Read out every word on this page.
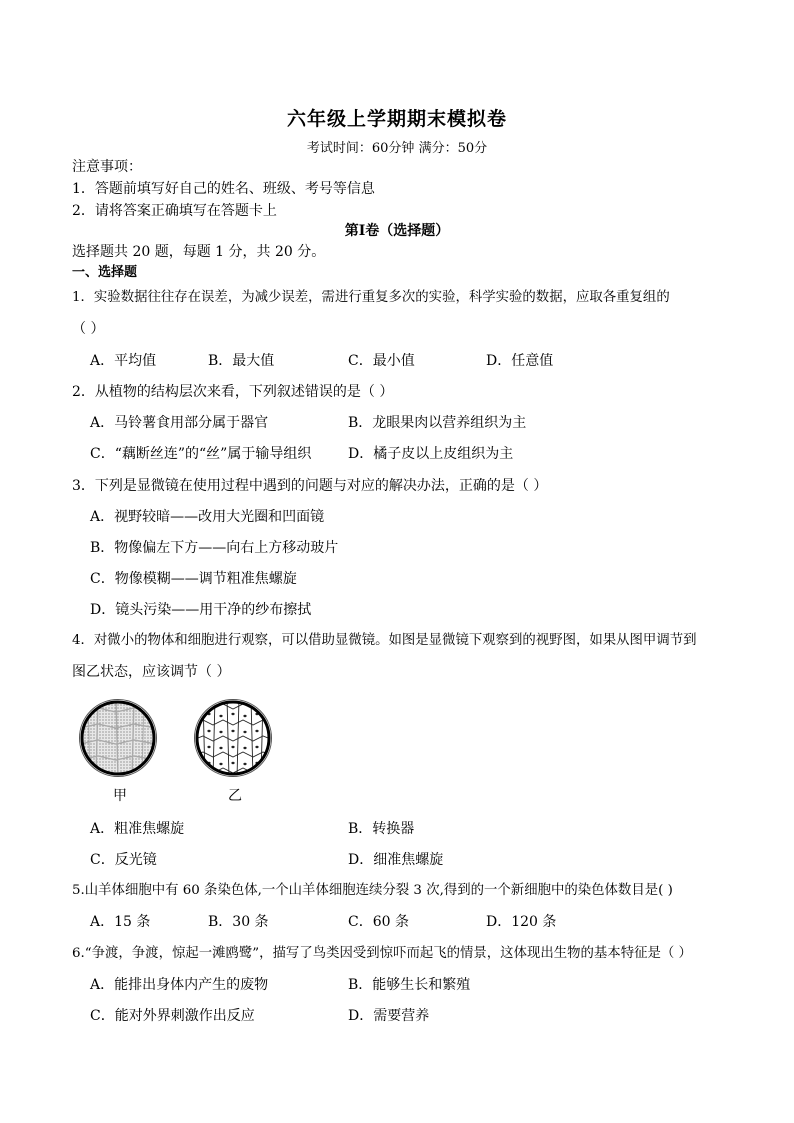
六年级上学期期末模拟卷
考试时间：60分钟 满分：50分
注意事项：
1．答题前填写好自己的姓名、班级、考号等信息
2．请将答案正确填写在答题卡上
第Ⅰ卷（选择题）
选择题共 20 题，每题 1 分，共 20 分。
一、选择题
1．实验数据往往存在误差，为减少误差，需进行重复多次的实验，科学实验的数据，应取各重复组的
（ ）
A．平均值	B．最大值	C．最小值	D．任意值
2．从植物的结构层次来看，下列叙述错误的是（ ）
A．马铃薯食用部分属于器官	B．龙眼果肉以营养组织为主
C．“藕断丝连”的“丝”属于输导组织	D．橘子皮以上皮组织为主
3．下列是显微镜在使用过程中遇到的问题与对应的解决办法，正确的是（ ）
A．视野较暗——改用大光圈和凹面镜
B．物像偏左下方——向右上方移动玻片
C．物像模糊——调节粗准焦螺旋
D．镜头污染——用干净的纱布擦拭
4．对微小的物体和细胞进行观察，可以借助显微镜。如图是显微镜下观察到的视野图，如果从图甲调节到
图乙状态，应该调节（ ）
甲	乙
A．粗准焦螺旋	B．转换器
C．反光镜	D．细准焦螺旋
5.山羊体细胞中有 60 条染色体,一个山羊体细胞连续分裂 3 次,得到的一个新细胞中的染色体数目是( )
A．15 条	B．30 条	C．60 条	D．120 条
6.“争渡，争渡，惊起一滩鸥鹭”，描写了鸟类因受到惊吓而起飞的情景，这体现出生物的基本特征是（ ）
A．能排出身体内产生的废物	B．能够生长和繁殖
C．能对外界刺激作出反应	D．需要营养
